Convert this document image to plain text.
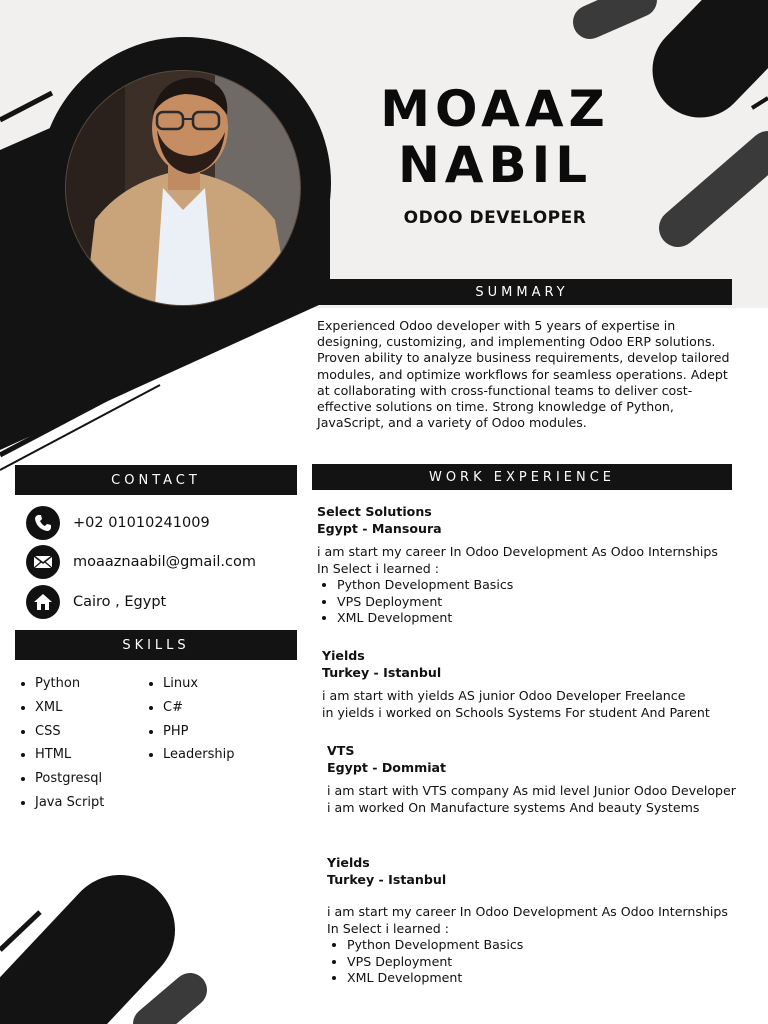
MOAAZ
NABIL
ODOO DEVELOPER
SUMMARY
Experienced Odoo developer with 5 years of expertise in designing, customizing, and implementing Odoo ERP solutions. Proven ability to analyze business requirements, develop tailored modules, and optimize workflows for seamless operations. Adept at collaborating with cross-functional teams to deliver cost-effective solutions on time. Strong knowledge of Python, JavaScript, and a variety of Odoo modules.
CONTACT
+02 01010241009
moaaznaabil@gmail.com
Cairo , Egypt
SKILLS
• Python
• XML
• CSS
• HTML
• Postgresql
• Java Script
• Linux
• C#
• PHP
• Leadership
WORK EXPERIENCE
Select Solutions
Egypt - Mansoura
i am start my career In Odoo Development As Odoo Internships
In Select i learned :
• Python Development Basics
• VPS Deployment
• XML Development
Yields
Turkey - Istanbul
i am start with yields AS junior Odoo Developer Freelance
in yields i worked on Schools Systems For student And Parent
VTS
Egypt - Dommiat
i am start with VTS company As mid level Junior Odoo Developer
i am worked On Manufacture systems And beauty Systems
Yields
Turkey - Istanbul
i am start my career In Odoo Development As Odoo Internships
In Select i learned :
• Python Development Basics
• VPS Deployment
• XML Development
